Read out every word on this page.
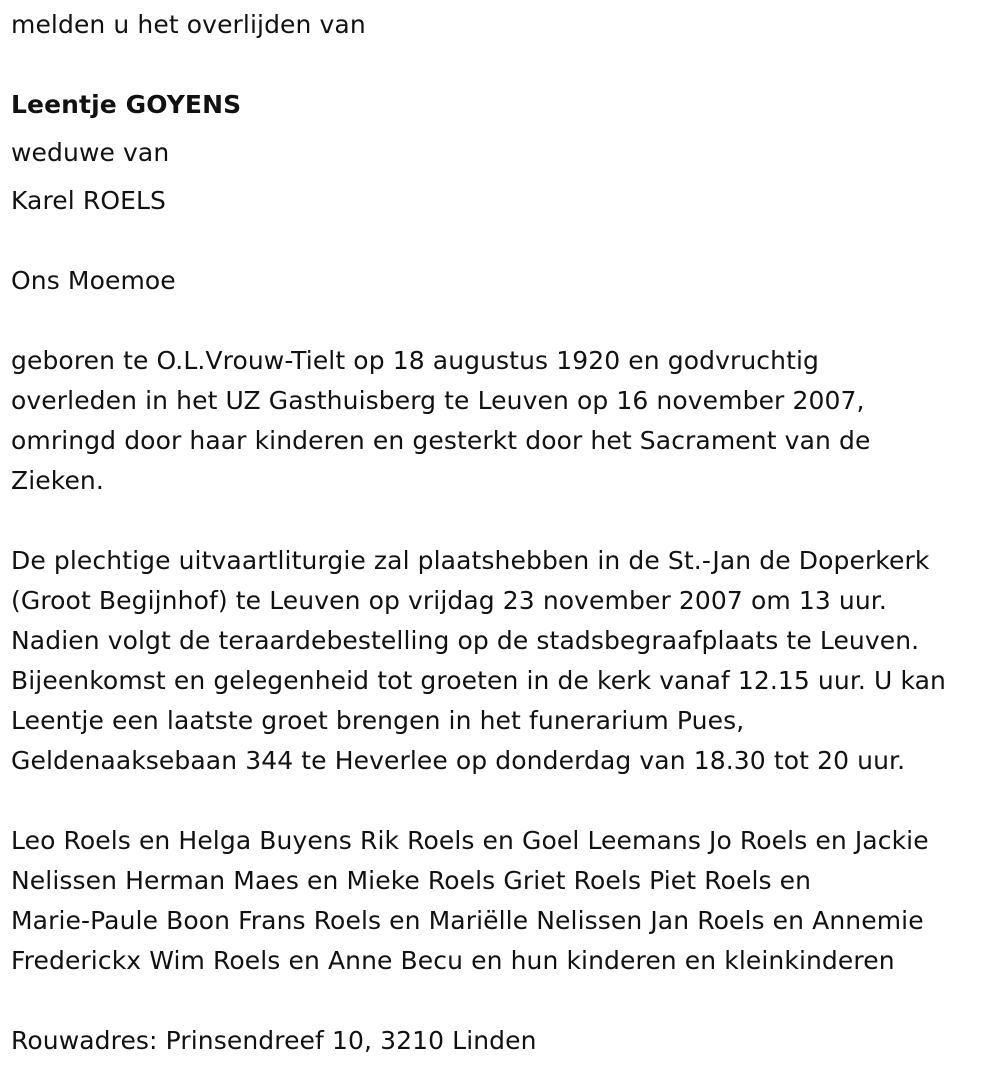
melden u het overlijden van
Leentje GOYENS
weduwe van
Karel ROELS
Ons Moemoe
geboren te O.L.Vrouw-Tielt op 18 augustus 1920 en godvruchtig
overleden in het UZ Gasthuisberg te Leuven op 16 november 2007,
omringd door haar kinderen en gesterkt door het Sacrament van de
Zieken.
De plechtige uitvaartliturgie zal plaatshebben in de St.-Jan de Doperkerk
(Groot Begijnhof) te Leuven op vrijdag 23 november 2007 om 13 uur.
Nadien volgt de teraardebestelling op de stadsbegraafplaats te Leuven.
Bijeenkomst en gelegenheid tot groeten in de kerk vanaf 12.15 uur. U kan
Leentje een laatste groet brengen in het funerarium Pues,
Geldenaaksebaan 344 te Heverlee op donderdag van 18.30 tot 20 uur.
Leo Roels en Helga Buyens Rik Roels en Goel Leemans Jo Roels en Jackie
Nelissen Herman Maes en Mieke Roels Griet Roels Piet Roels en
Marie-Paule Boon Frans Roels en Mariëlle Nelissen Jan Roels en Annemie
Frederickx Wim Roels en Anne Becu en hun kinderen en kleinkinderen
Rouwadres: Prinsendreef 10, 3210 Linden
